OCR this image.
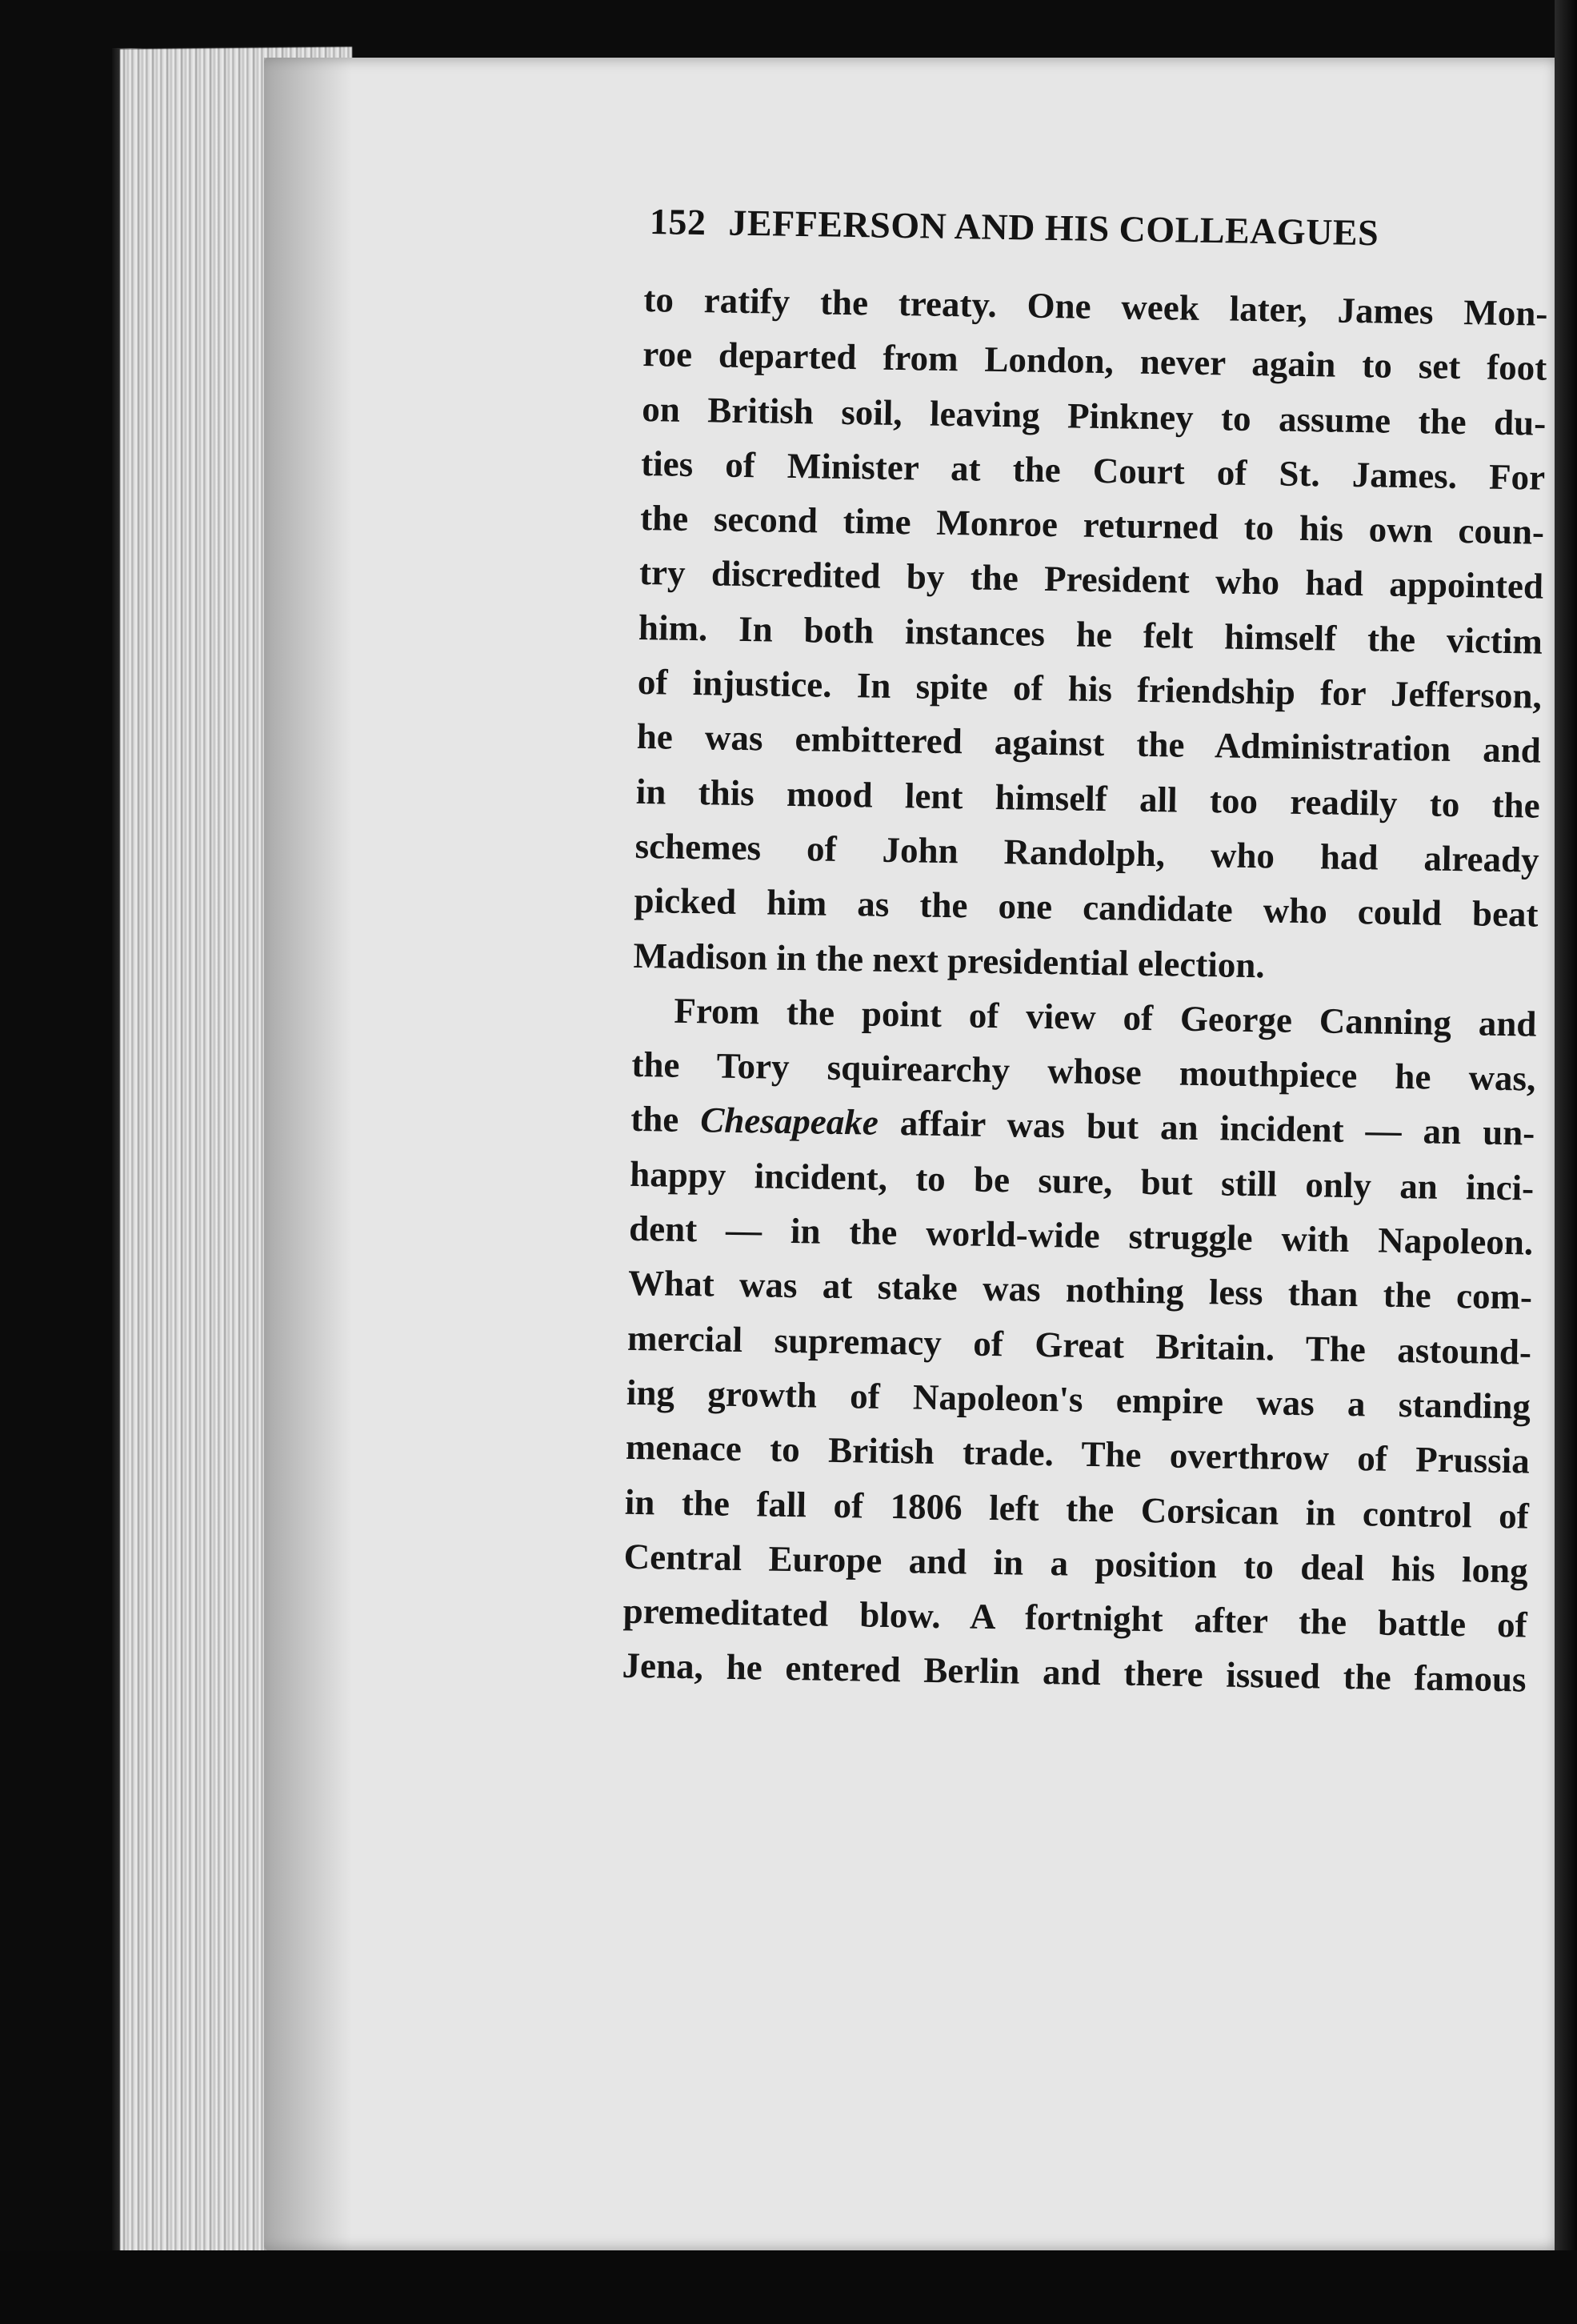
152 JEFFERSON AND HIS COLLEAGUES
to ratify the treaty. One week later, James Mon-
roe departed from London, never again to set foot
on British soil, leaving Pinkney to assume the du-
ties of Minister at the Court of St. James. For
the second time Monroe returned to his own coun-
try discredited by the President who had appointed
him. In both instances he felt himself the victim
of injustice. In spite of his friendship for Jefferson,
he was embittered against the Administration and
in this mood lent himself all too readily to the
schemes of John Randolph, who had already
picked him as the one candidate who could beat
Madison in the next presidential election.
From the point of view of George Canning and
the Tory squirearchy whose mouthpiece he was,
the Chesapeake affair was but an incident — an un-
happy incident, to be sure, but still only an inci-
dent — in the world-wide struggle with Napoleon.
What was at stake was nothing less than the com-
mercial supremacy of Great Britain. The astound-
ing growth of Napoleon's empire was a standing
menace to British trade. The overthrow of Prussia
in the fall of 1806 left the Corsican in control of
Central Europe and in a position to deal his long
premeditated blow. A fortnight after the battle of
Jena, he entered Berlin and there issued the famous
